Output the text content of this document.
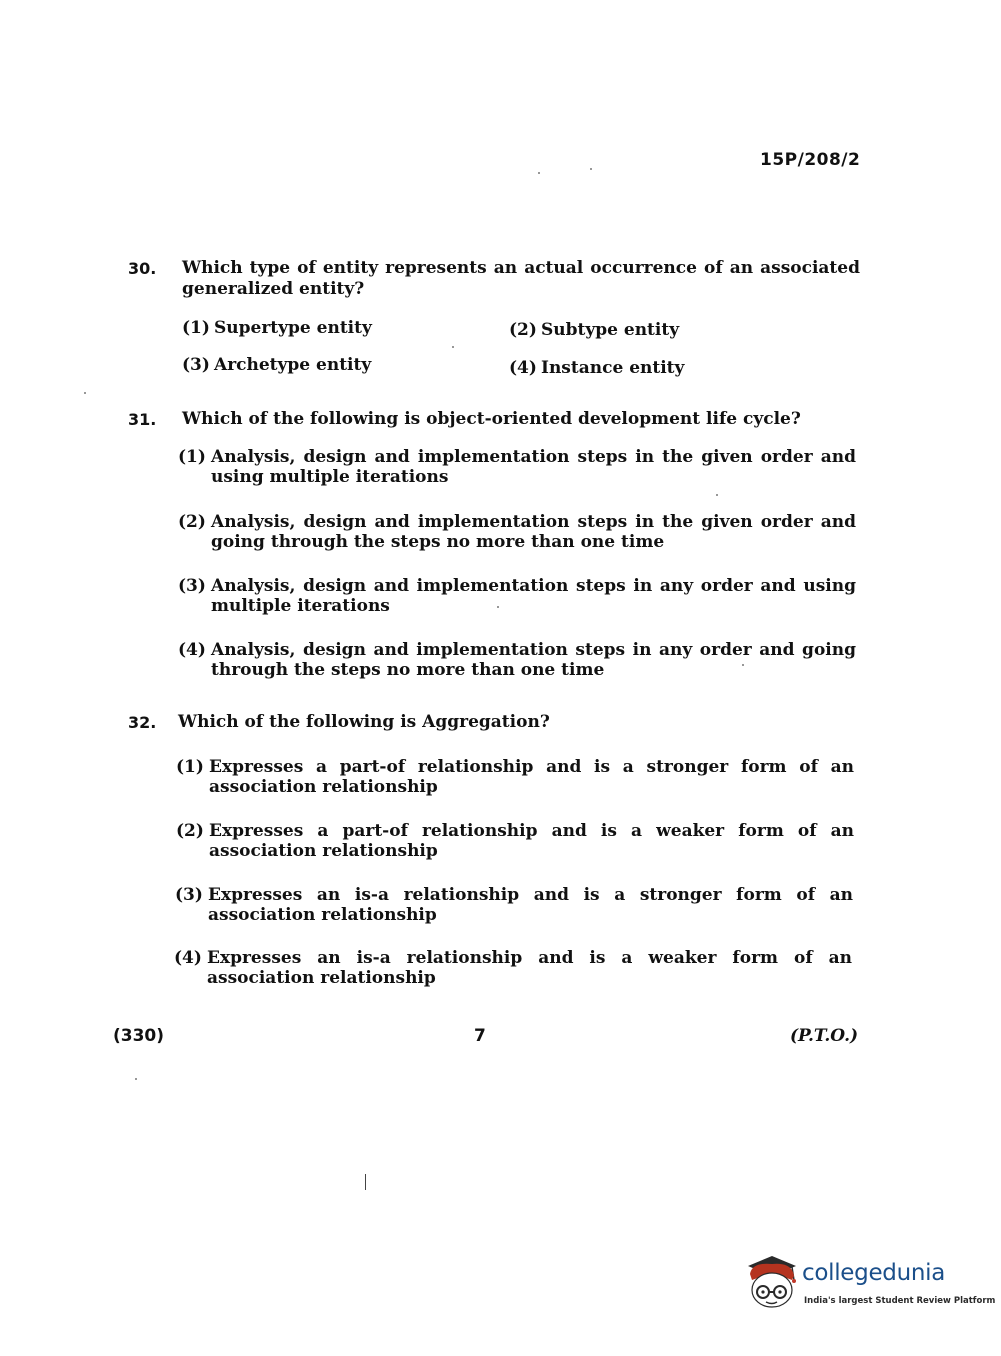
15P/208/2
30.	Which type of entity represents an actual occurrence of an associated generalized entity?
(1) Supertype entity	(2) Subtype entity
(3) Archetype entity	(4) Instance entity
31.	Which of the following is object-oriented development life cycle?
(1) Analysis, design and implementation steps in the given order and using multiple iterations
(2) Analysis, design and implementation steps in the given order and going through the steps no more than one time
(3) Analysis, design and implementation steps in any order and using multiple iterations
(4) Analysis, design and implementation steps in any order and going through the steps no more than one time
32.	Which of the following is Aggregation?
(1) Expresses a part-of relationship and is a stronger form of an association relationship
(2) Expresses a part-of relationship and is a weaker form of an association relationship
(3) Expresses an is-a relationship and is a stronger form of an association relationship
(4) Expresses an is-a relationship and is a weaker form of an association relationship
(330)	7	(P.T.O.)
collegedunia
India's largest Student Review Platform
